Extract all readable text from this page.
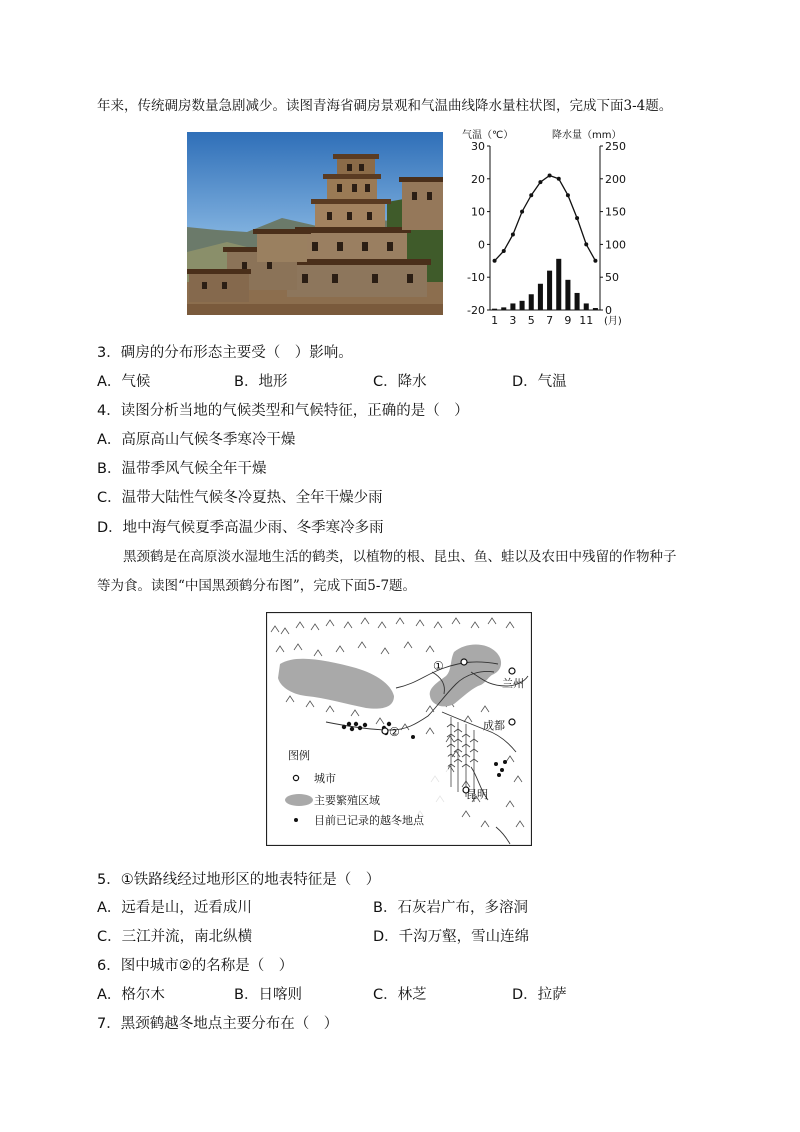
年来，传统碉房数量急剧减少。读图青海省碉房景观和气温曲线降水量柱状图，完成下面3-4题。
气温（℃）	降水量（mm）
30
20
10
0
-10
-20
250
200
150
100
50
0
1 3 5 7 9 11 (月)
3．碉房的分布形态主要受（　）影响。
A．气候	B．地形	C．降水	D．气温
4．读图分析当地的气候类型和气候特征，正确的是（　）
A．高原高山气候冬季寒冷干燥
B．温带季风气候全年干燥
C．温带大陆性气候冬冷夏热、全年干燥少雨
D．地中海气候夏季高温少雨、冬季寒冷多雨
黑颈鹤是在高原淡水湿地生活的鹤类，以植物的根、昆虫、鱼、蛙以及农田中残留的作物种子
等为食。读图“中国黑颈鹤分布图”，完成下面5-7题。
①
②
兰州
成都
昆明
图例
城市
主要繁殖区域
目前已记录的越冬地点
5．①铁路线经过地形区的地表特征是（　）
A．远看是山，近看成川	B．石灰岩广布，多溶洞
C．三江并流，南北纵横	D．千沟万壑，雪山连绵
6．图中城市②的名称是（　）
A．格尔木	B．日喀则	C．林芝	D．拉萨
7．黑颈鹤越冬地点主要分布在（　）
